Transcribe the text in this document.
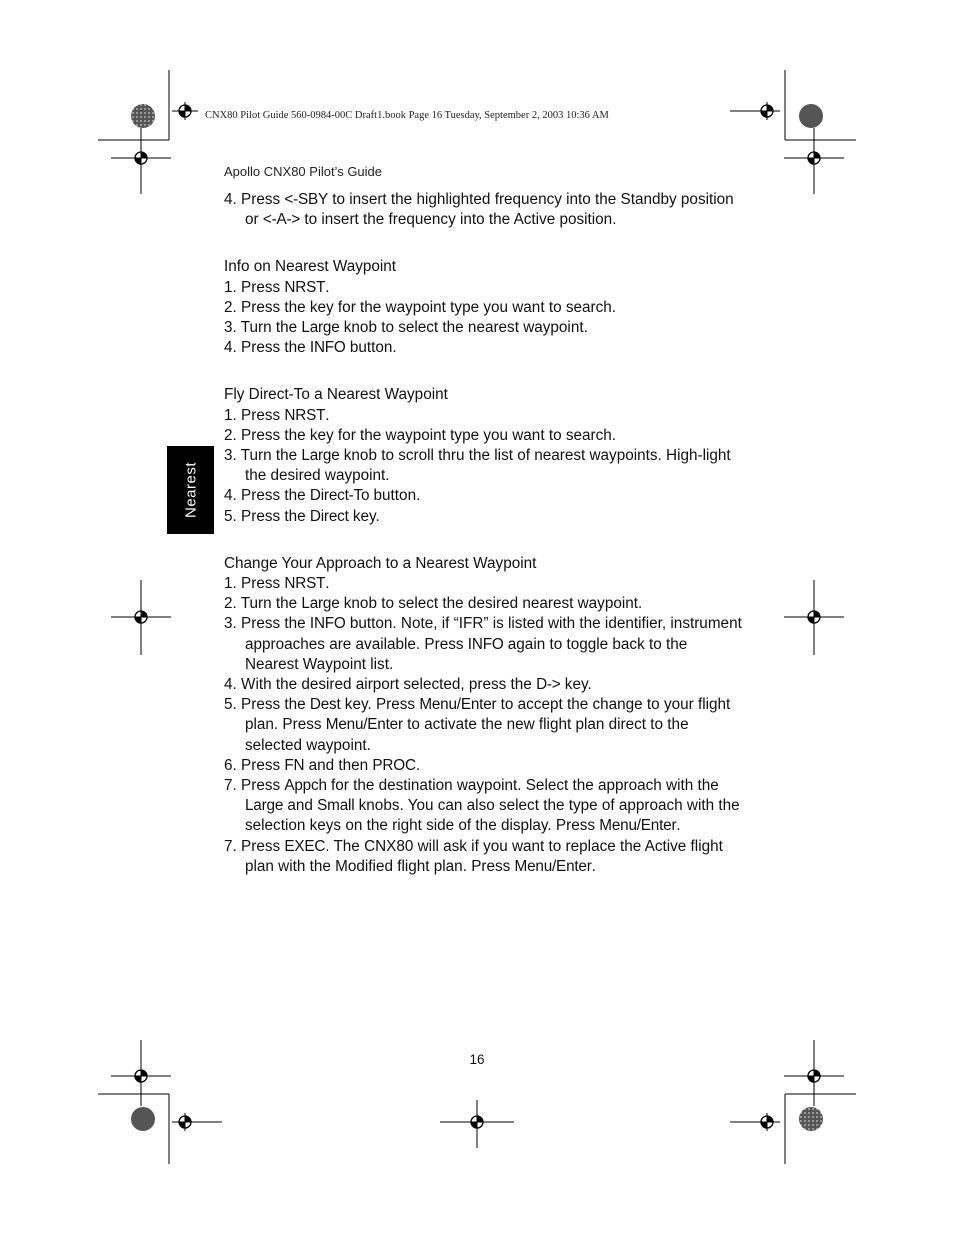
CNX80 Pilot Guide 560-0984-00C Draft1.book Page 16 Tuesday, September 2, 2003 10:36 AM
Apollo CNX80 Pilot’s Guide
Nearest

4. Press <-SBY to insert the highlighted frequency into the Standby position or <-A-> to insert the frequency into the Active position.

Info on Nearest Waypoint

1. Press NRST.

2. Press the key for the waypoint type you want to search.

3. Turn the Large knob to select the nearest waypoint.

4. Press the INFO button.

Fly Direct-To a Nearest Waypoint

1. Press NRST.

2. Press the key for the waypoint type you want to search.

3. Turn the Large knob to scroll thru the list of nearest waypoints. High-light the desired waypoint.

4. Press the Direct-To button.

5. Press the Direct key.

Change Your Approach to a Nearest Waypoint

1. Press NRST.

2. Turn the Large knob to select the desired nearest waypoint.

3. Press the INFO button. Note, if “IFR” is listed with the identifier, instrument approaches are available. Press INFO again to toggle back to the Nearest Waypoint list.

4. With the desired airport selected, press the D-> key.

5. Press the Dest key. Press Menu/Enter to accept the change to your flight plan. Press Menu/Enter to activate the new flight plan direct to the selected waypoint.

6. Press FN and then PROC.

7. Press Appch for the destination waypoint. Select the approach with the Large and Small knobs. You can also select the type of approach with the selection keys on the right side of the display. Press Menu/Enter.

7. Press EXEC. The CNX80 will ask if you want to replace the Active flight plan with the Modified flight plan. Press Menu/Enter.

16
